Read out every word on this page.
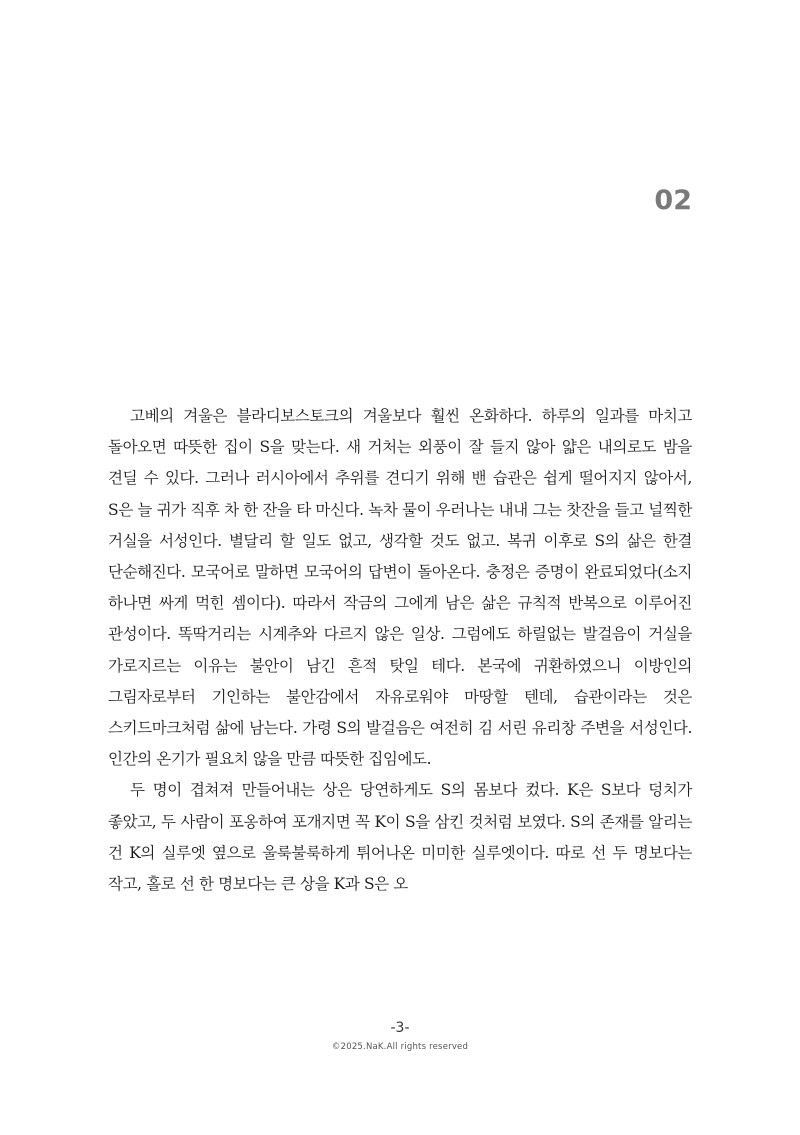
02

고베의 겨울은 블라디보스토크의 겨울보다 훨씬 온화하다. 하루의 일과를 마치고 돌아오면 따뜻한 집이 S을 맞는다. 새 거처는 외풍이 잘 들지 않아 얇은 내의로도 밤을 견딜 수 있다. 그러나 러시아에서 추위를 견디기 위해 밴 습관은 쉽게 떨어지지 않아서, S은 늘 귀가 직후 차 한 잔을 타 마신다. 녹차 물이 우러나는 내내 그는 찻잔을 들고 널찍한 거실을 서성인다. 별달리 할 일도 없고, 생각할 것도 없고. 복귀 이후로 S의 삶은 한결 단순해진다. 모국어로 말하면 모국어의 답변이 돌아온다. 충정은 증명이 완료되었다(소지 하나면 싸게 먹힌 셈이다). 따라서 작금의 그에게 남은 삶은 규칙적 반복으로 이루어진 관성이다. 똑딱거리는 시계추와 다르지 않은 일상. 그럼에도 하릴없는 발걸음이 거실을 가로지르는 이유는 불안이 남긴 흔적 탓일 테다. 본국에 귀환하였으니 이방인의 그림자로부터 기인하는 불안감에서 자유로워야 마땅할 텐데, 습관이라는 것은 스키드마크처럼 삶에 남는다. 가령 S의 발걸음은 여전히 김 서린 유리창 주변을 서성인다. 인간의 온기가 필요치 않을 만큼 따뜻한 집임에도.

두 명이 겹쳐져 만들어내는 상은 당연하게도 S의 몸보다 컸다. K은 S보다 덩치가 좋았고, 두 사람이 포옹하여 포개지면 꼭 K이 S을 삼킨 것처럼 보였다. S의 존재를 알리는 건 K의 실루엣 옆으로 울룩불룩하게 튀어나온 미미한 실루엣이다. 따로 선 두 명보다는 작고, 홀로 선 한 명보다는 큰 상을 K과 S은 오

-3-
©2025.NaK.All rights reserved
